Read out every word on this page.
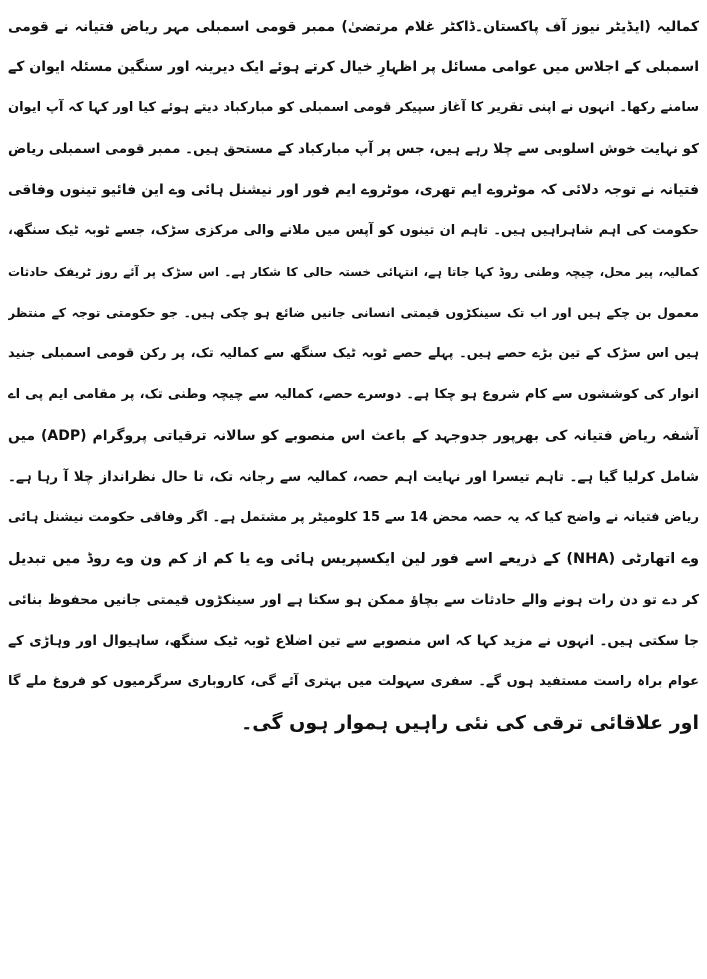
کمالیہ (ایڈیٹر نیوز آف پاکستان۔ڈاکٹر غلام مرتضیٰ) ممبر قومی اسمبلی مہر ریاض فتیانہ نے قومی
اسمبلی کے اجلاس میں عوامی مسائل پر اظہارِ خیال کرتے ہوئے ایک دیرینہ اور سنگین مسئلہ ایوان کے
سامنے رکھا۔ انہوں نے اپنی تقریر کا آغاز سپیکر قومی اسمبلی کو مبارکباد دیتے ہوئے کیا اور کہا کہ آپ ایوان
کو نہایت خوش اسلوبی سے چلا رہے ہیں، جس پر آپ مبارکباد کے مستحق ہیں۔ ممبر قومی اسمبلی ریاض
فتیانہ نے توجہ دلائی کہ موٹروے ایم تھری، موٹروے ایم فور اور نیشنل ہائی وے این فائیو تینوں وفاقی
حکومت کی اہم شاہراہیں ہیں۔ تاہم ان تینوں کو آپس میں ملانے والی مرکزی سڑک، جسے ٹوبہ ٹیک سنگھ،
کمالیہ، پیر محل، چیچہ وطنی روڈ کہا جاتا ہے، انتہائی خستہ حالی کا شکار ہے۔ اس سڑک پر آئے روز ٹریفک حادثات
معمول بن چکے ہیں اور اب تک سینکڑوں قیمتی انسانی جانیں ضائع ہو چکی ہیں۔ جو حکومتی توجہ کے منتظر
ہیں اس سڑک کے تین بڑے حصے ہیں۔ پہلے حصے ٹوبہ ٹیک سنگھ سے کمالیہ تک، پر رکن قومی اسمبلی جنید
انوار کی کوششوں سے کام شروع ہو چکا ہے۔ دوسرے حصے، کمالیہ سے چیچہ وطنی تک، پر مقامی ایم پی اے
آشفہ ریاض فتیانہ کی بھرپور جدوجہد کے باعث اس منصوبے کو سالانہ ترقیاتی پروگرام (ADP) میں
شامل کرلیا گیا ہے۔ تاہم تیسرا اور نہایت اہم حصہ، کمالیہ سے رجانہ تک، تا حال نظرانداز چلا آ رہا ہے۔
ریاض فتیانہ نے واضح کیا کہ یہ حصہ محض 14 سے 15 کلومیٹر پر مشتمل ہے۔ اگر وفاقی حکومت نیشنل ہائی
وے اتھارٹی (NHA) کے ذریعے اسے فور لین ایکسپریس ہائی وے یا کم از کم ون وے روڈ میں تبدیل
کر دے تو دن رات ہونے والے حادثات سے بچاؤ ممکن ہو سکتا ہے اور سینکڑوں قیمتی جانیں محفوظ بنائی
جا سکتی ہیں۔ انہوں نے مزید کہا کہ اس منصوبے سے تین اضلاع ٹوبہ ٹیک سنگھ، ساہیوال اور وہاڑی کے
عوام براہ راست مستفید ہوں گے۔ سفری سہولت میں بہتری آئے گی، کاروباری سرگرمیوں کو فروغ ملے گا
اور علاقائی ترقی کی نئی راہیں ہموار ہوں گی۔
